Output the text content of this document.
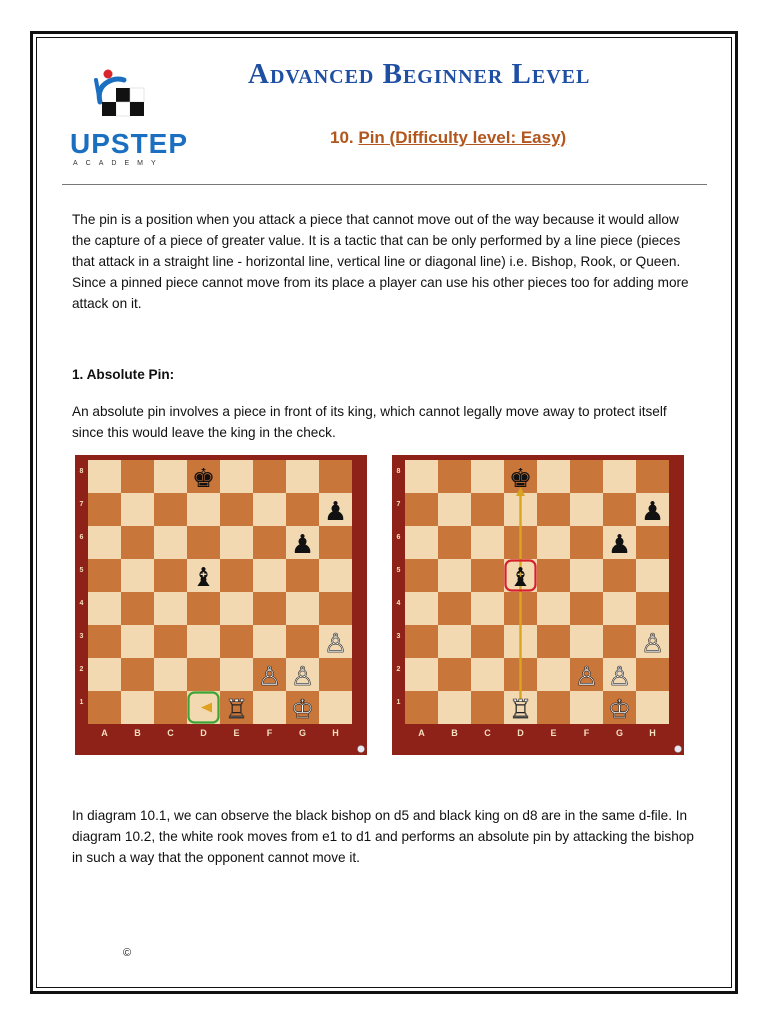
UPSTEP
ACADEMY
Advanced Beginner Level
10. Pin (Difficulty level: Easy)

The pin is a position when you attack a piece that cannot move out of the way because it would allow the capture of a piece of greater value. It is a tactic that can be only performed by a line piece (pieces that attack in a straight line - horizontal line, vertical line or diagonal line) i.e. Bishop, Rook, or Queen. Since a pinned piece cannot move from its place a player can use his other pieces too for adding more attack on it.

1. Absolute Pin:

An absolute pin involves a piece in front of its king, which cannot legally move away to protect itself since this would leave the king in the check.

8
7
6
5
4
3
2
1
A	B	C	D	E	F	G	H
♚
♟
♟
♝
♙
♙ ♙
♖ ♔
8
7
6
5
4
3
2
1
A	B	C	D	E	F	G	H
♚
♟
♟
♝
♙
♙ ♙
♖	♔

In diagram 10.1, we can observe the black bishop on d5 and black king on d8 are in the same d-file. In diagram 10.2, the white rook moves from e1 to d1 and performs an absolute pin by attacking the bishop in such a way that the opponent cannot move it.

©
